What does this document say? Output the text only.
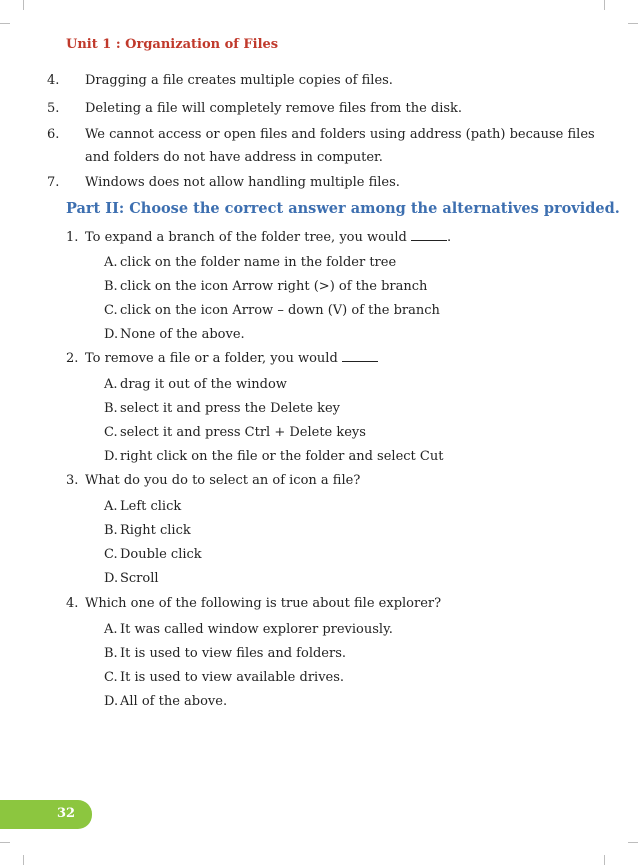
Unit 1 : Organization of Files

4. Dragging a file creates multiple copies of files.

5. Deleting a file will completely remove files from the disk.

6. We cannot access or open files and folders using address (path) because files and folders do not have address in computer.

7. Windows does not allow handling multiple files.

Part II: Choose the correct answer among the alternatives provided.

1. To expand a branch of the folder tree, you would	.

A. click on the folder name in the folder tree

B. click on the icon Arrow right (>) of the branch

C. click on the icon Arrow – down (V) of the branch

D. None of the above.

2. To remove a file or a folder, you would

A. drag it out of the window

B. select it and press the Delete key

C. select it and press Ctrl + Delete keys

D. right click on the file or the folder and select Cut

3. What do you do to select an of icon a file?

A. Left click

B. Right click

C. Double click

D. Scroll

4. Which one of the following is true about file explorer?

A. It was called window explorer previously.

B. It is used to view files and folders.

C. It is used to view available drives.

D. All of the above.

32
